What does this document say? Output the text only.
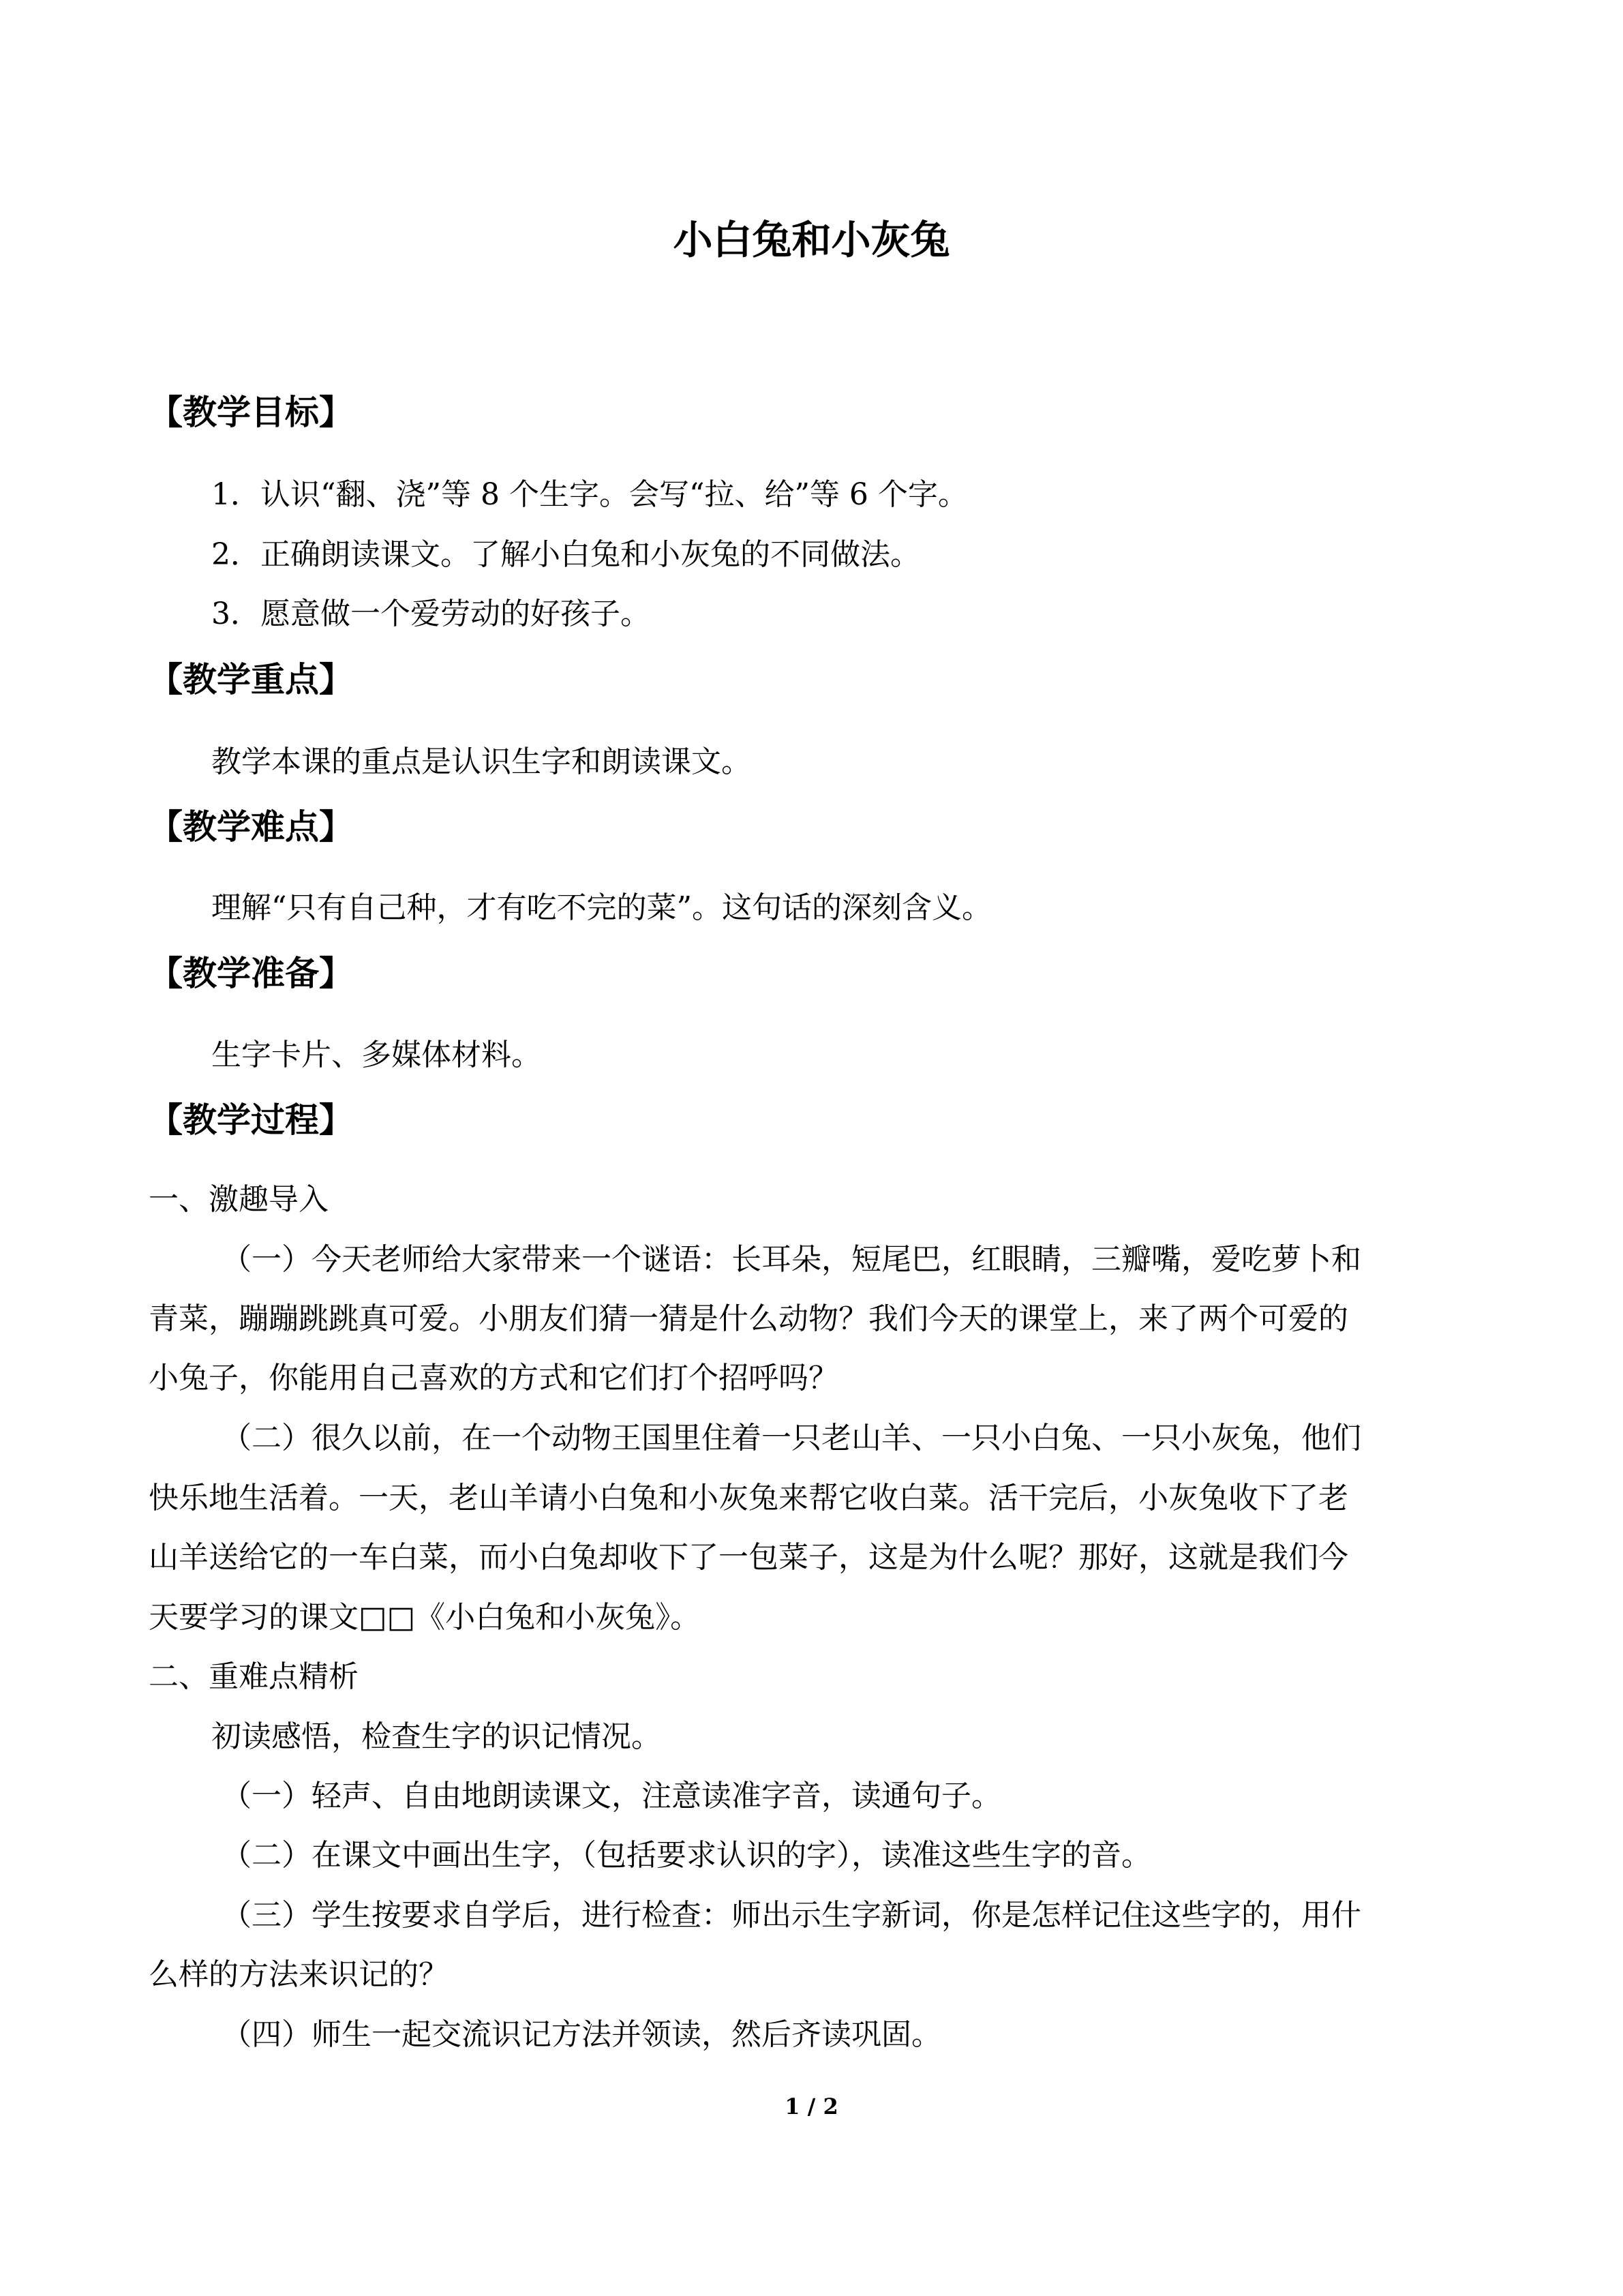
小白兔和小灰兔
【教学目标】
1．认识“翻、浇”等 8 个生字。会写“拉、给”等 6 个字。
2．正确朗读课文。了解小白兔和小灰兔的不同做法。
3．愿意做一个爱劳动的好孩子。
【教学重点】
教学本课的重点是认识生字和朗读课文。
【教学难点】
理解“只有自己种，才有吃不完的菜”。这句话的深刻含义。
【教学准备】
生字卡片、多媒体材料。
【教学过程】
一、激趣导入
（一）今天老师给大家带来一个谜语：长耳朵，短尾巴，红眼睛，三瓣嘴，爱吃萝卜和
青菜，蹦蹦跳跳真可爱。小朋友们猜一猜是什么动物？我们今天的课堂上，来了两个可爱的
小兔子，你能用自己喜欢的方式和它们打个招呼吗？
（二）很久以前，在一个动物王国里住着一只老山羊、一只小白兔、一只小灰兔，他们
快乐地生活着。一天，老山羊请小白兔和小灰兔来帮它收白菜。活干完后，小灰兔收下了老
山羊送给它的一车白菜，而小白兔却收下了一包菜子，这是为什么呢？那好，这就是我们今
天要学习的课文□□《小白兔和小灰兔》。
二、重难点精析
初读感悟，检查生字的识记情况。
（一）轻声、自由地朗读课文，注意读准字音，读通句子。
（二）在课文中画出生字，（包括要求认识的字），读准这些生字的音。
（三）学生按要求自学后，进行检查：师出示生字新词，你是怎样记住这些字的，用什
么样的方法来识记的？
（四）师生一起交流识记方法并领读，然后齐读巩固。
1 / 2
